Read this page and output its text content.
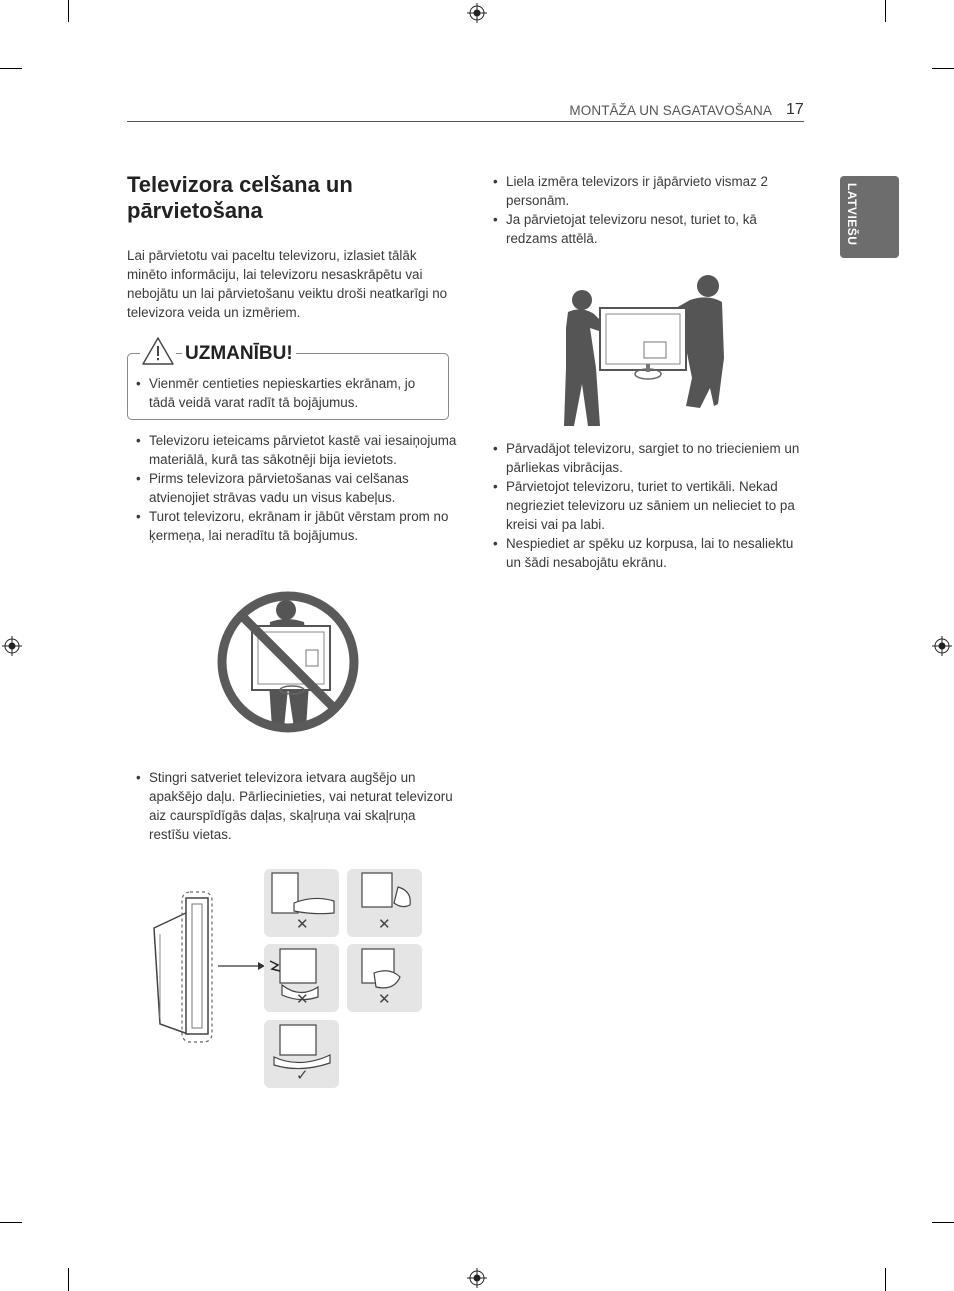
MONTĀŽA UN SAGATAVOŠANA 17
LATVIEŠU
Televizora celšana un pārvietošana
Lai pārvietotu vai paceltu televizoru, izlasiet tālāk minēto informāciju, lai televizoru nesaskrāpētu vai nebojātu un lai pārvietošanu veiktu droši neatkarīgi no televizora veida un izmēriem.
UZMANĪBU!
• Vienmēr centieties nepieskarties ekrānam, jo tādā veidā varat radīt tā bojājumus.
• Televizoru ieteicams pārvietot kastē vai iesaiņojuma materiālā, kurā tas sākotnēji bija ievietots.
• Pirms televizora pārvietošanas vai celšanas atvienojiet strāvas vadu un visus kabeļus.
• Turot televizoru, ekrānam ir jābūt vērstam prom no ķermeņa, lai neradītu tā bojājumus.
• Stingri satveriet televizora ietvara augšējo un apakšējo daļu. Pārliecinieties, vai neturat televizoru aiz caurspīdīgās daļas, skaļruņa vai skaļruņa restīšu vietas.
✕	✕
✕	✕
✓
• Liela izmēra televizors ir jāpārvieto vismaz 2 personām.
• Ja pārvietojat televizoru nesot, turiet to, kā redzams attēlā.
• Pārvadājot televizoru, sargiet to no triecieniem un pārliekas vibrācijas.
• Pārvietojot televizoru, turiet to vertikāli. Nekad negrieziet televizoru uz sāniem un nelieciet to pa kreisi vai pa labi.
• Nespiediet ar spēku uz korpusa, lai to nesaliektu un šādi nesabojātu ekrānu.
